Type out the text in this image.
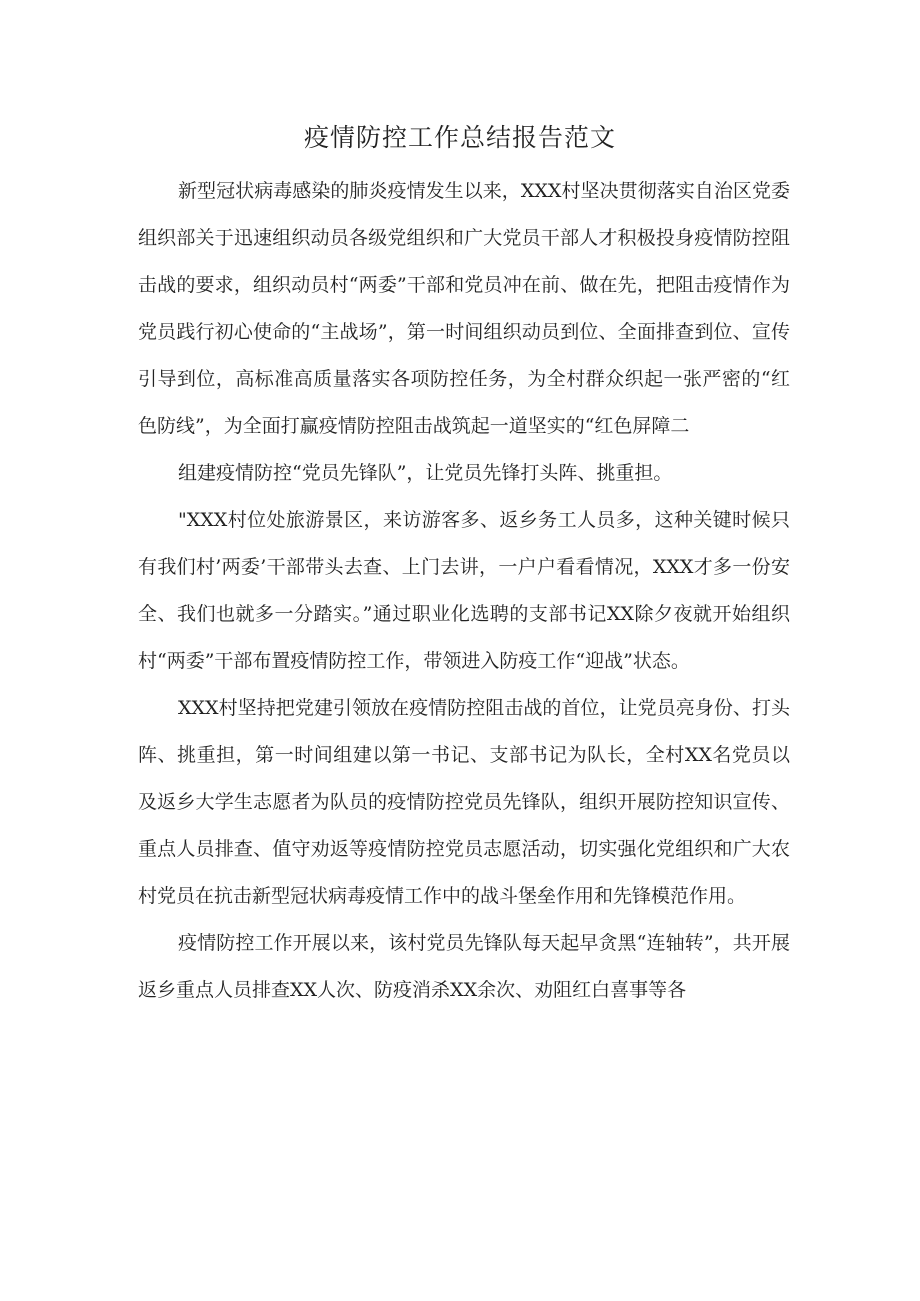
疫情防控工作总结报告范文

新型冠状病毒感染的肺炎疫情发生以来，XXX村坚决贯彻落实自治区党委组织部关于迅速组织动员各级党组织和广大党员干部人才积极投身疫情防控阻击战的要求，组织动员村“两委”干部和党员冲在前、做在先，把阻击疫情作为党员践行初心使命的“主战场”，第一时间组织动员到位、全面排查到位、宣传引导到位，高标准高质量落实各项防控任务，为全村群众织起一张严密的“红色防线”，为全面打赢疫情防控阻击战筑起一道坚实的“红色屏障二

组建疫情防控“党员先锋队”，让党员先锋打头阵、挑重担。

"XXX村位处旅游景区，来访游客多、返乡务工人员多，这种关键时候只有我们村’两委’干部带头去查、上门去讲，一户户看看情况，XXX才多一份安全、我们也就多一分踏实。”通过职业化选聘的支部书记XX除夕夜就开始组织村“两委”干部布置疫情防控工作，带领进入防疫工作“迎战”状态。

XXX村坚持把党建引领放在疫情防控阻击战的首位，让党员亮身份、打头阵、挑重担，第一时间组建以第一书记、支部书记为队长，全村XX名党员以及返乡大学生志愿者为队员的疫情防控党员先锋队，组织开展防控知识宣传、重点人员排查、值守劝返等疫情防控党员志愿活动，切实强化党组织和广大农村党员在抗击新型冠状病毒疫情工作中的战斗堡垒作用和先锋模范作用。

疫情防控工作开展以来，该村党员先锋队每天起早贪黑“连轴转”，共开展返乡重点人员排查XX人次、防疫消杀XX余次、劝阻红白喜事等各
